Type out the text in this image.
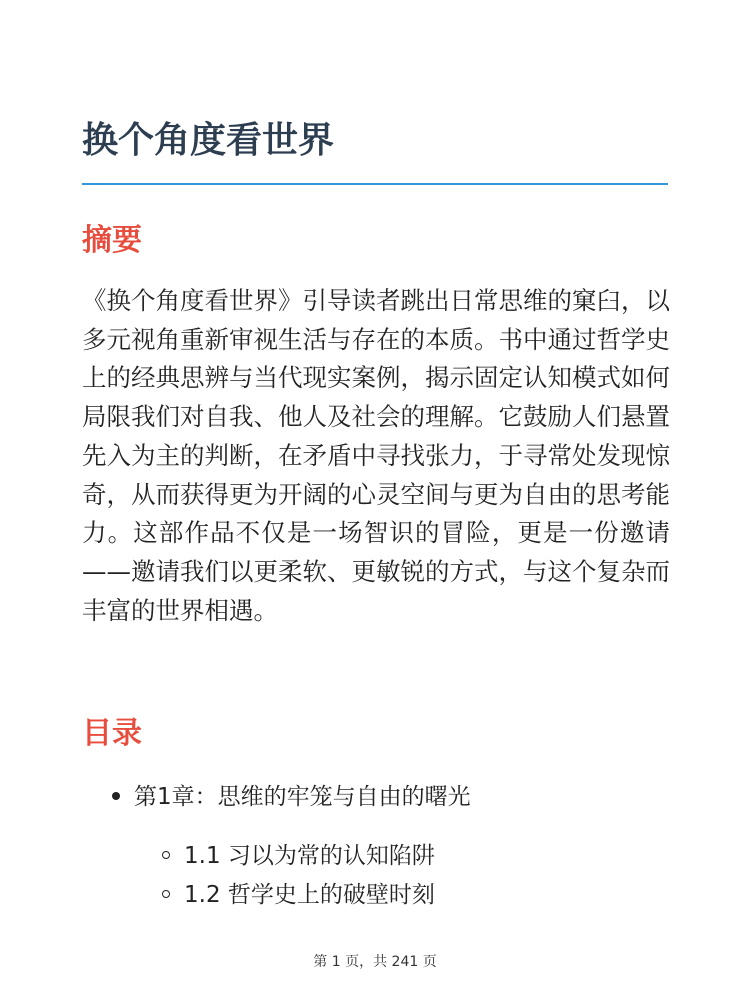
换个角度看世界
摘要

《换个角度看世界》引导读者跳出日常思维的窠臼，以多元视角重新审视生活与存在的本质。书中通过哲学史上的经典思辨与当代现实案例，揭示固定认知模式如何局限我们对自我、他人及社会的理解。它鼓励人们悬置先入为主的判断，在矛盾中寻找张力，于寻常处发现惊奇，从而获得更为开阔的心灵空间与更为自由的思考能力。这部作品不仅是一场智识的冒险，更是一份邀请——邀请我们以更柔软、更敏锐的方式，与这个复杂而丰富的世界相遇。

目录
第1章：思维的牢笼与自由的曙光
1.1 习以为常的认知陷阱
1.2 哲学史上的破壁时刻
第 1 页，共 241 页
